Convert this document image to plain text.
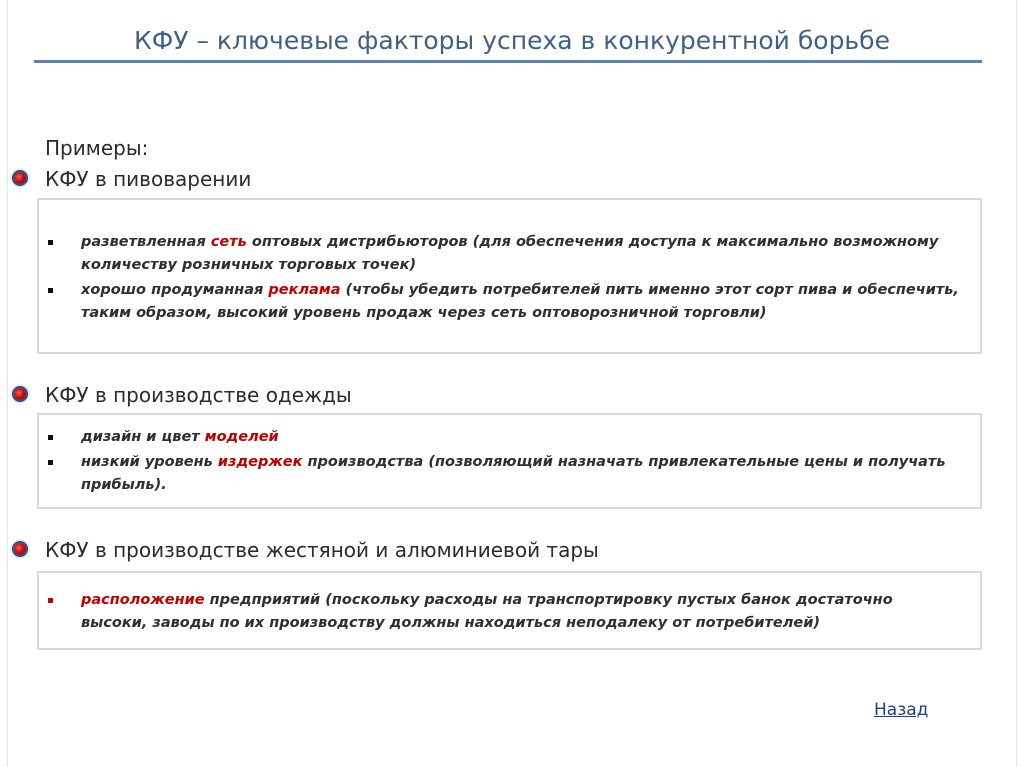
КФУ – ключевые факторы успеха в конкурентной борьбе
Примеры:
КФУ в пивоварении
разветвленная сеть оптовых дистрибьюторов (для обеспечения доступа к максимально возможному количеству розничных торговых точек)
хорошо продуманная реклама (чтобы убедить потребителей пить именно этот сорт пива и обеспечить, таким образом, высокий уровень продаж через сеть оптоворозничной торговли)
КФУ в производстве одежды
дизайн и цвет моделей
низкий уровень издержек производства (позволяющий назначать привлекательные цены и получать прибыль).
КФУ в производстве жестяной и алюминиевой тары
расположение предприятий (поскольку расходы на транспортировку пустых банок достаточно высоки, заводы по их производству должны находиться неподалеку от потребителей)
Назад
